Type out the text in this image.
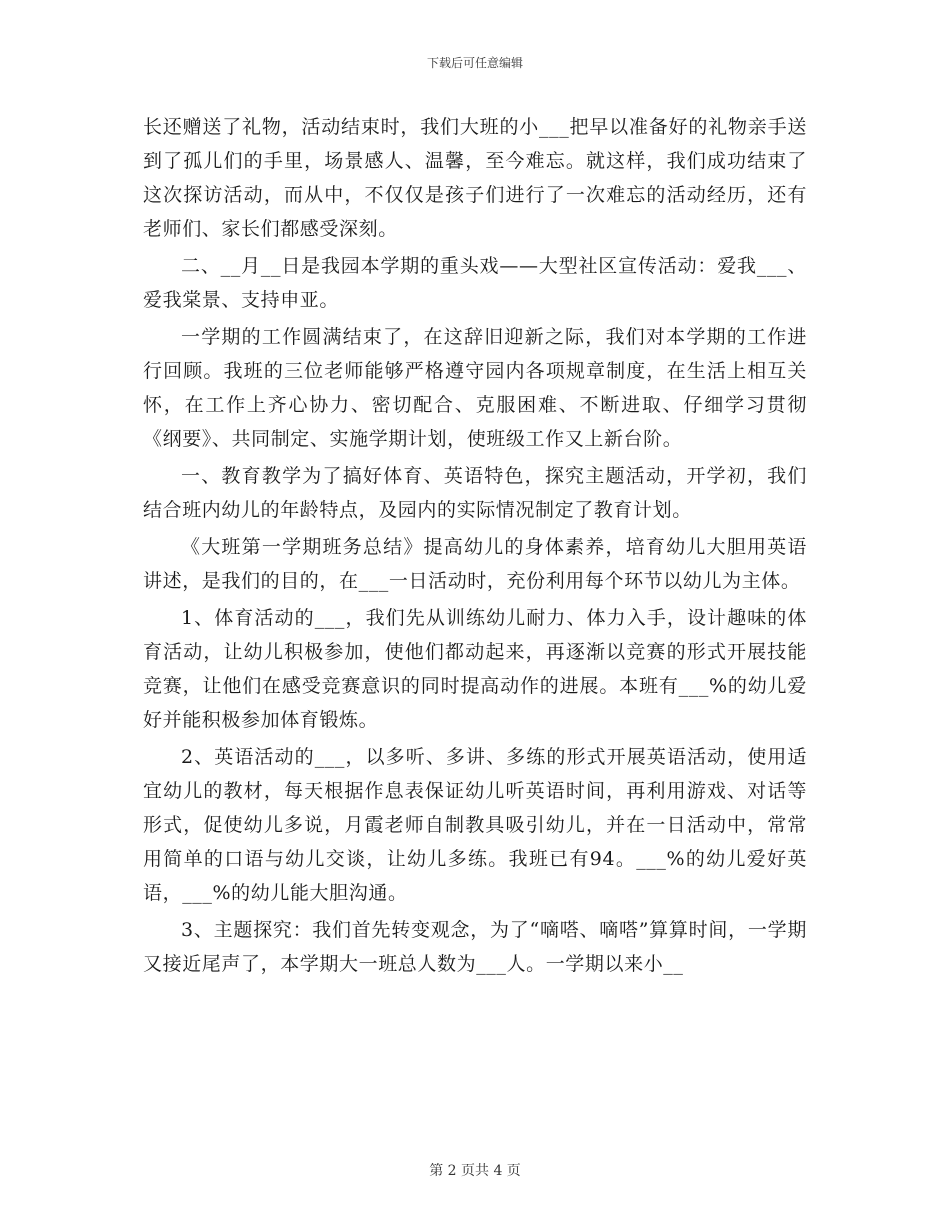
下载后可任意编辑

长还赠送了礼物，活动结束时，我们大班的小___把早以准备好的礼物亲手送到了孤儿们的手里，场景感人、温馨，至今难忘。就这样，我们成功结束了这次探访活动，而从中，不仅仅是孩子们进行了一次难忘的活动经历，还有老师们、家长们都感受深刻。

二、__月__日是我园本学期的重头戏——大型社区宣传活动：爱我___、爱我棠景、支持申亚。

一学期的工作圆满结束了，在这辞旧迎新之际，我们对本学期的工作进行回顾。我班的三位老师能够严格遵守园内各项规章制度，在生活上相互关怀，在工作上齐心协力、密切配合、克服困难、不断进取、仔细学习贯彻《纲要》、共同制定、实施学期计划，使班级工作又上新台阶。

一、教育教学为了搞好体育、英语特色，探究主题活动，开学初，我们结合班内幼儿的年龄特点，及园内的实际情况制定了教育计划。

《大班第一学期班务总结》提高幼儿的身体素养，培育幼儿大胆用英语讲述，是我们的目的，在___一日活动时，充份利用每个环节以幼儿为主体。

1、体育活动的___，我们先从训练幼儿耐力、体力入手，设计趣味的体育活动，让幼儿积极参加，使他们都动起来，再逐渐以竞赛的形式开展技能竞赛，让他们在感受竞赛意识的同时提高动作的进展。本班有___%的幼儿爱好并能积极参加体育锻炼。

2、英语活动的___，以多听、多讲、多练的形式开展英语活动，使用适宜幼儿的教材，每天根据作息表保证幼儿听英语时间，再利用游戏、对话等形式，促使幼儿多说，月霞老师自制教具吸引幼儿，并在一日活动中，常常用简单的口语与幼儿交谈，让幼儿多练。我班已有94。___%的幼儿爱好英语，___%的幼儿能大胆沟通。

3、主题探究：我们首先转变观念，为了“嘀嗒、嘀嗒”算算时间，一学期又接近尾声了，本学期大一班总人数为___人。一学期以来小__

第 2 页共 4 页
